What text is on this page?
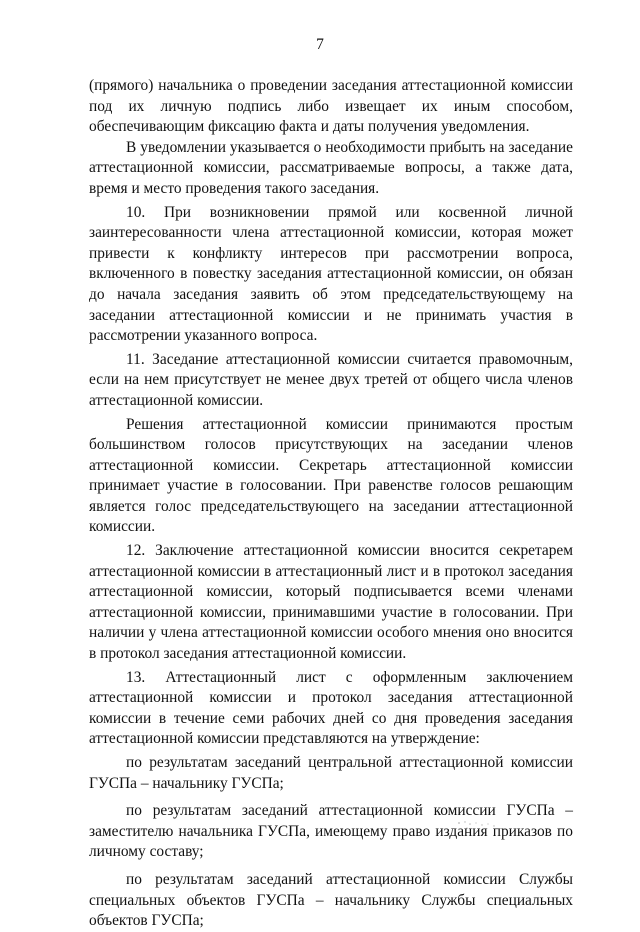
7

(прямого) начальника о проведении заседания аттестационной комиссии под их личную подпись либо извещает их иным способом, обеспечивающим фиксацию факта и даты получения уведомления.

В уведомлении указывается о необходимости прибыть на заседание аттестационной комиссии, рассматриваемые вопросы, а также дата, время и место проведения такого заседания.

10. При возникновении прямой или косвенной личной заинтересованности члена аттестационной комиссии, которая может привести к конфликту интересов при рассмотрении вопроса, включенного в повестку заседания аттестационной комиссии, он обязан до начала заседания заявить об этом председательствующему на заседании аттестационной комиссии и не принимать участия в рассмотрении указанного вопроса.

11. Заседание аттестационной комиссии считается правомочным, если на нем присутствует не менее двух третей от общего числа членов аттестационной комиссии.

Решения аттестационной комиссии принимаются простым большинством голосов присутствующих на заседании членов аттестационной комиссии. Секретарь аттестационной комиссии принимает участие в голосовании. При равенстве голосов решающим является голос председательствующего на заседании аттестационной комиссии.

12. Заключение аттестационной комиссии вносится секретарем аттестационной комиссии в аттестационный лист и в протокол заседания аттестационной комиссии, который подписывается всеми членами аттестационной комиссии, принимавшими участие в голосовании. При наличии у члена аттестационной комиссии особого мнения оно вносится в протокол заседания аттестационной комиссии.

13. Аттестационный лист с оформленным заключением аттестационной комиссии и протокол заседания аттестационной комиссии в течение семи рабочих дней со дня проведения заседания аттестационной комиссии представляются на утверждение:

по результатам заседаний центральной аттестационной комиссии ГУСПа – начальнику ГУСПа;

по результатам заседаний аттестационной комиссии ГУСПа – заместителю начальника ГУСПа, имеющему право издания приказов по личному составу;

по результатам заседаний аттестационной комиссии Службы специальных объектов ГУСПа – начальнику Службы специальных объектов ГУСПа;
